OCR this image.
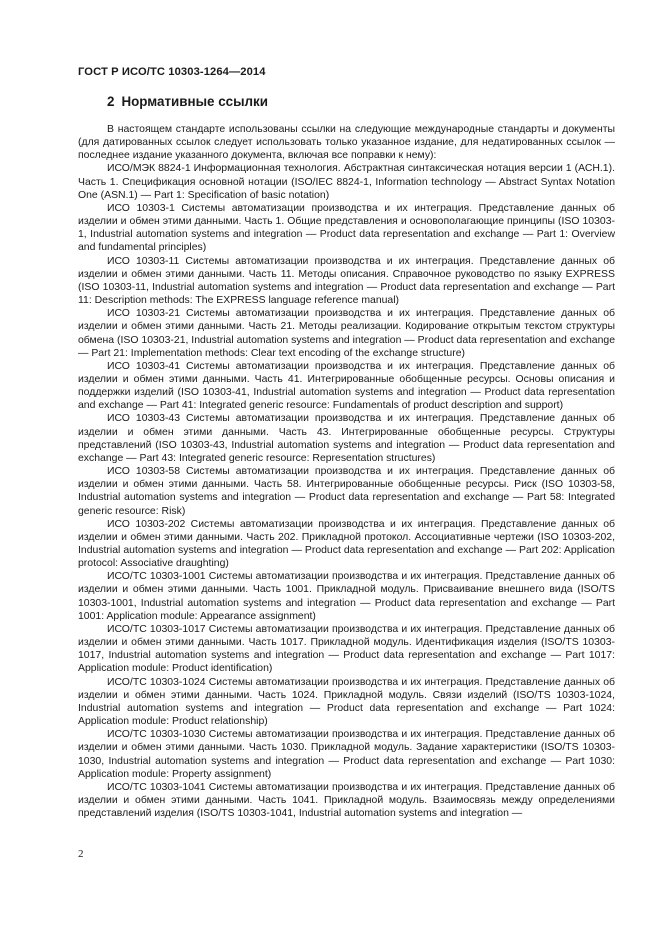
ГОСТ Р ИСО/ТС 10303-1264—2014
2 Нормативные ссылки

В настоящем стандарте использованы ссылки на следующие международные стандарты и документы (для датированных ссылок следует использовать только указанное издание, для недатированных ссылок — последнее издание указанного документа, включая все поправки к нему):

ИСО/МЭК 8824-1 Информационная технология. Абстрактная синтаксическая нотация версии 1 (АСН.1). Часть 1. Спецификация основной нотации (ISO/IEC 8824-1, Information technology — Abstract Syntax Notation One (ASN.1) — Part 1: Specification of basic notation)

ИСО 10303-1 Системы автоматизации производства и их интеграция. Представление данных об изделии и обмен этими данными. Часть 1. Общие представления и основополагающие принципы (ISO 10303-1, Industrial automation systems and integration — Product data representation and exchange — Part 1: Overview and fundamental principles)

ИСО 10303-11 Системы автоматизации производства и их интеграция. Представление данных об изделии и обмен этими данными. Часть 11. Методы описания. Справочное руководство по языку EXPRESS (ISO 10303-11, Industrial automation systems and integration — Product data representation and exchange — Part 11: Description methods: The EXPRESS language reference manual)

ИСО 10303-21 Системы автоматизации производства и их интеграция. Представление данных об изделии и обмен этими данными. Часть 21. Методы реализации. Кодирование открытым текстом структуры обмена (ISO 10303-21, Industrial automation systems and integration — Product data representation and exchange — Part 21: Implementation methods: Clear text encoding of the exchange structure)

ИСО 10303-41 Системы автоматизации производства и их интеграция. Представление данных об изделии и обмен этими данными. Часть 41. Интегрированные обобщенные ресурсы. Основы описания и поддержки изделий (ISO 10303-41, Industrial automation systems and integration — Product data representation and exchange — Part 41: Integrated generic resource: Fundamentals of product description and support)

ИСО 10303-43 Системы автоматизации производства и их интеграция. Представление данных об изделии и обмен этими данными. Часть 43. Интегрированные обобщенные ресурсы. Структуры представлений (ISO 10303-43, Industrial automation systems and integration — Product data representation and exchange — Part 43: Integrated generic resource: Representation structures)

ИСО 10303-58 Системы автоматизации производства и их интеграция. Представление данных об изделии и обмен этими данными. Часть 58. Интегрированные обобщенные ресурсы. Риск (ISO 10303-58, Industrial automation systems and integration — Product data representation and exchange — Part 58: Integrated generic resource: Risk)

ИСО 10303-202 Системы автоматизации производства и их интеграция. Представление данных об изделии и обмен этими данными. Часть 202. Прикладной протокол. Ассоциативные чертежи (ISO 10303-202, Industrial automation systems and integration — Product data representation and exchange — Part 202: Application protocol: Associative draughting)

ИСО/ТС 10303-1001 Системы автоматизации производства и их интеграция. Представление данных об изделии и обмен этими данными. Часть 1001. Прикладной модуль. Присваивание внешнего вида (ISO/TS 10303-1001, Industrial automation systems and integration — Product data representation and exchange — Part 1001: Application module: Appearance assignment)

ИСО/ТС 10303-1017 Системы автоматизации производства и их интеграция. Представление данных об изделии и обмен этими данными. Часть 1017. Прикладной модуль. Идентификация изделия (ISO/TS 10303-1017, Industrial automation systems and integration — Product data representation and exchange — Part 1017: Application module: Product identification)

ИСО/ТС 10303-1024 Системы автоматизации производства и их интеграция. Представление данных об изделии и обмен этими данными. Часть 1024. Прикладной модуль. Связи изделий (ISO/TS 10303-1024, Industrial automation systems and integration — Product data representation and exchange — Part 1024: Application module: Product relationship)

ИСО/ТС 10303-1030 Системы автоматизации производства и их интеграция. Представление данных об изделии и обмен этими данными. Часть 1030. Прикладной модуль. Задание характеристики (ISO/TS 10303-1030, Industrial automation systems and integration — Product data representation and exchange — Part 1030: Application module: Property assignment)

ИСО/ТС 10303-1041 Системы автоматизации производства и их интеграция. Представление данных об изделии и обмен этими данными. Часть 1041. Прикладной модуль. Взаимосвязь между определениями представлений изделия (ISO/TS 10303-1041, Industrial automation systems and integration —

2
